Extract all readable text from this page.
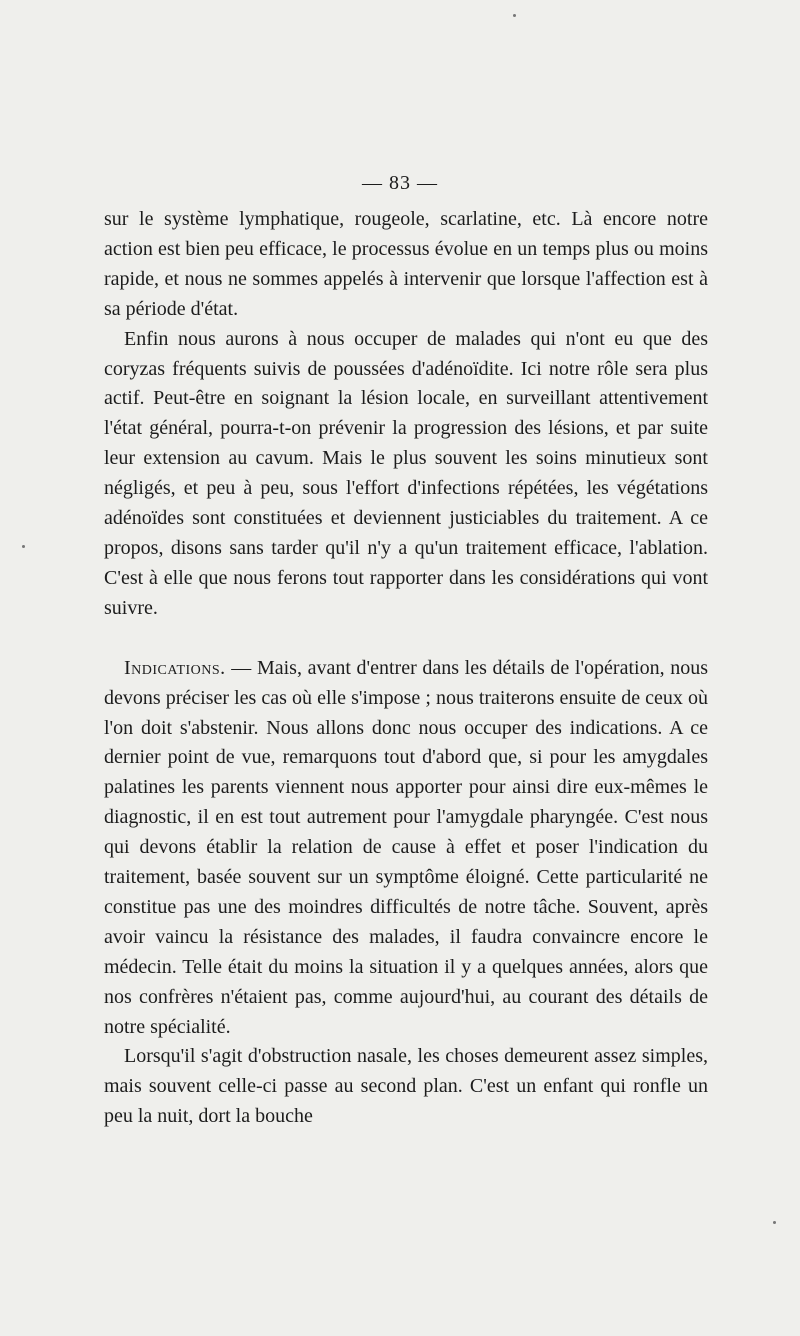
— 83 —

sur le système lymphatique, rougeole, scarlatine, etc. Là encore notre action est bien peu efficace, le processus évolue en un temps plus ou moins rapide, et nous ne sommes appelés à intervenir que lorsque l'affection est à sa période d'état.

Enfin nous aurons à nous occuper de malades qui n'ont eu que des coryzas fréquents suivis de poussées d'adénoïdite. Ici notre rôle sera plus actif. Peut-être en soignant la lésion locale, en surveillant attentivement l'état général, pourra-t-on prévenir la progression des lésions, et par suite leur extension au cavum. Mais le plus souvent les soins minutieux sont négligés, et peu à peu, sous l'effort d'infections répétées, les végétations adénoïdes sont constituées et deviennent justiciables du traitement. A ce propos, disons sans tarder qu'il n'y a qu'un traitement efficace, l'ablation. C'est à elle que nous ferons tout rapporter dans les considérations qui vont suivre.

Indications. — Mais, avant d'entrer dans les détails de l'opération, nous devons préciser les cas où elle s'impose ; nous traiterons ensuite de ceux où l'on doit s'abstenir. Nous allons donc nous occuper des indications. A ce dernier point de vue, remarquons tout d'abord que, si pour les amygdales palatines les parents viennent nous apporter pour ainsi dire eux-mêmes le diagnostic, il en est tout autrement pour l'amygdale pharyngée. C'est nous qui devons établir la relation de cause à effet et poser l'indication du traitement, basée souvent sur un symptôme éloigné. Cette particularité ne constitue pas une des moindres difficultés de notre tâche. Souvent, après avoir vaincu la résistance des malades, il faudra convaincre encore le médecin. Telle était du moins la situation il y a quelques années, alors que nos confrères n'étaient pas, comme aujourd'hui, au courant des détails de notre spécialité.

Lorsqu'il s'agit d'obstruction nasale, les choses demeurent assez simples, mais souvent celle-ci passe au second plan. C'est un enfant qui ronfle un peu la nuit, dort la bouche
